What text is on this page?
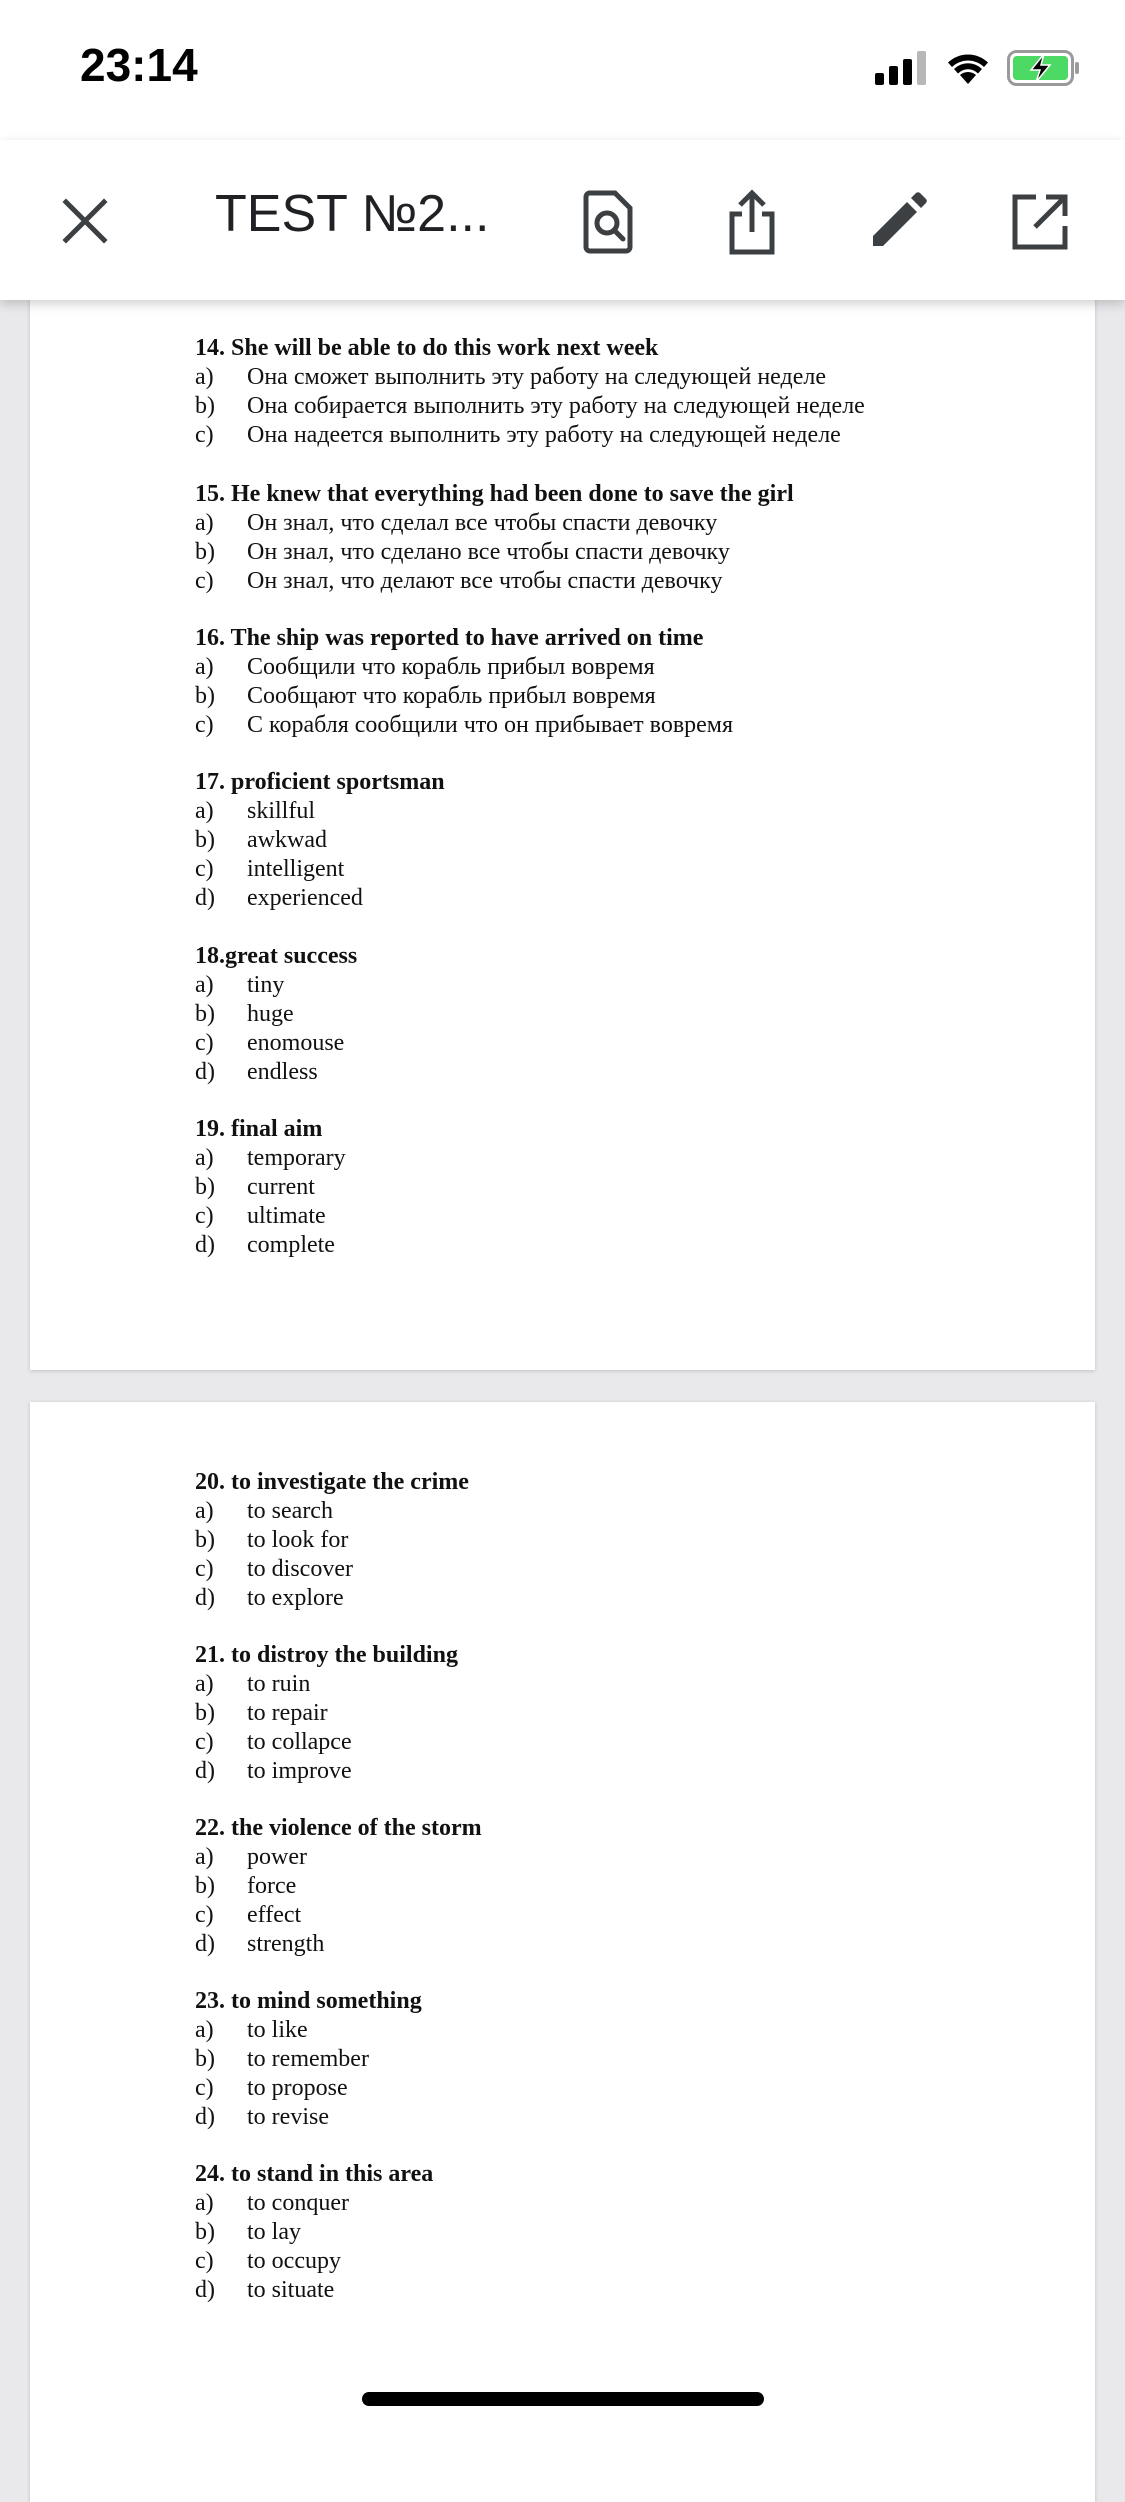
23:14
TEST №2...
14. She will be able to do this work next week
a)	Она сможет выполнить эту работу на следующей неделе
b)	Она собирается выполнить эту работу на следующей неделе
c)	Она надеется выполнить эту работу на следующей неделе
15. He knew that everything had been done to save the girl
a)	Он знал, что сделал все чтобы спасти девочку
b)	Он знал, что сделано все чтобы спасти девочку
c)	Он знал, что делают все чтобы спасти девочку
16. The ship was reported to have arrived on time
a)	Сообщили что корабль прибыл вовремя
b)	Сообщают что корабль прибыл вовремя
c)	С корабля сообщили что он прибывает вовремя
17. proficient sportsman
a)	skillful
b)	awkwad
c)	intelligent
d)	experienced
18.great success
a)	tiny
b)	huge
c)	enomouse
d)	endless
19. final aim
a)	temporary
b)	current
c)	ultimate
d)	complete
20. to investigate the crime
a)	to search
b)	to look for
c)	to discover
d)	to explore
21. to distroy the building
a)	to ruin
b)	to repair
c)	to collapce
d)	to improve
22. the violence of the storm
a)	power
b)	force
c)	effect
d)	strength
23. to mind something
a)	to like
b)	to remember
c)	to propose
d)	to revise
24. to stand in this area
a)	to conquer
b)	to lay
c)	to occupy
d)	to situate
